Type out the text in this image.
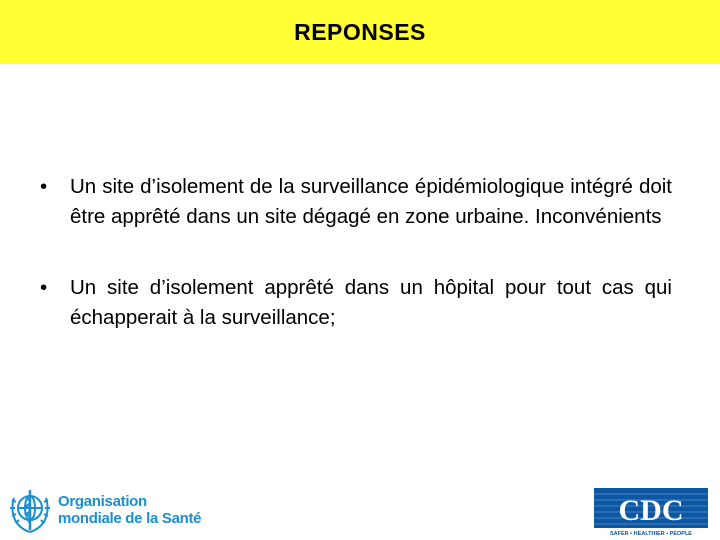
REPONSES
• Un site d’isolement de la surveillance épidémiologique intégré doit être apprêté dans un site dégagé en zone urbaine. Inconvénients
• Un site d’isolement apprêté dans un hôpital pour tout cas qui échapperait à la surveillance;
Organisation
mondiale de la Santé	CDC
SAFER • HEALTHIER • PEOPLE
